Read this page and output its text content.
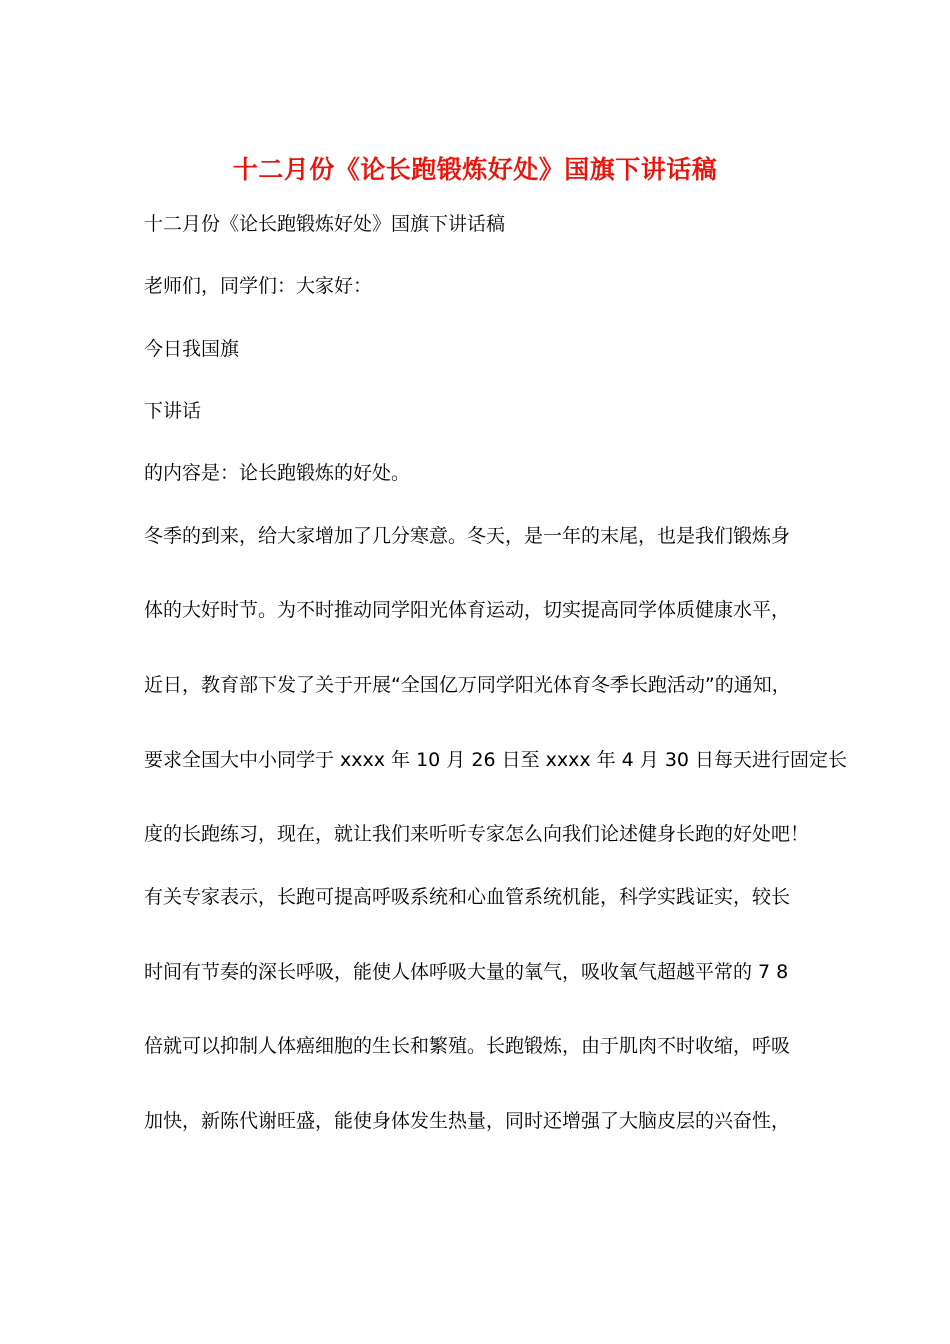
十二月份《论长跑锻炼好处》国旗下讲话稿
十二月份《论长跑锻炼好处》国旗下讲话稿
老师们，同学们：大家好：
今日我国旗
下讲话
的内容是：论长跑锻炼的好处。
冬季的到来，给大家增加了几分寒意。冬天，是一年的末尾，也是我们锻炼身
体的大好时节。为不时推动同学阳光体育运动，切实提高同学体质健康水平，
近日，教育部下发了关于开展“全国亿万同学阳光体育冬季长跑活动”的通知，
要求全国大中小同学于 xxxx 年 10 月 26 日至 xxxx 年 4 月 30 日每天进行固定长
度的长跑练习，现在，就让我们来听听专家怎么向我们论述健身长跑的好处吧！
有关专家表示，长跑可提高呼吸系统和心血管系统机能，科学实践证实，较长
时间有节奏的深长呼吸，能使人体呼吸大量的氧气，吸收氧气超越平常的 7 8
倍就可以抑制人体癌细胞的生长和繁殖。长跑锻炼，由于肌肉不时收缩，呼吸
加快，新陈代谢旺盛，能使身体发生热量，同时还增强了大脑皮层的兴奋性，
